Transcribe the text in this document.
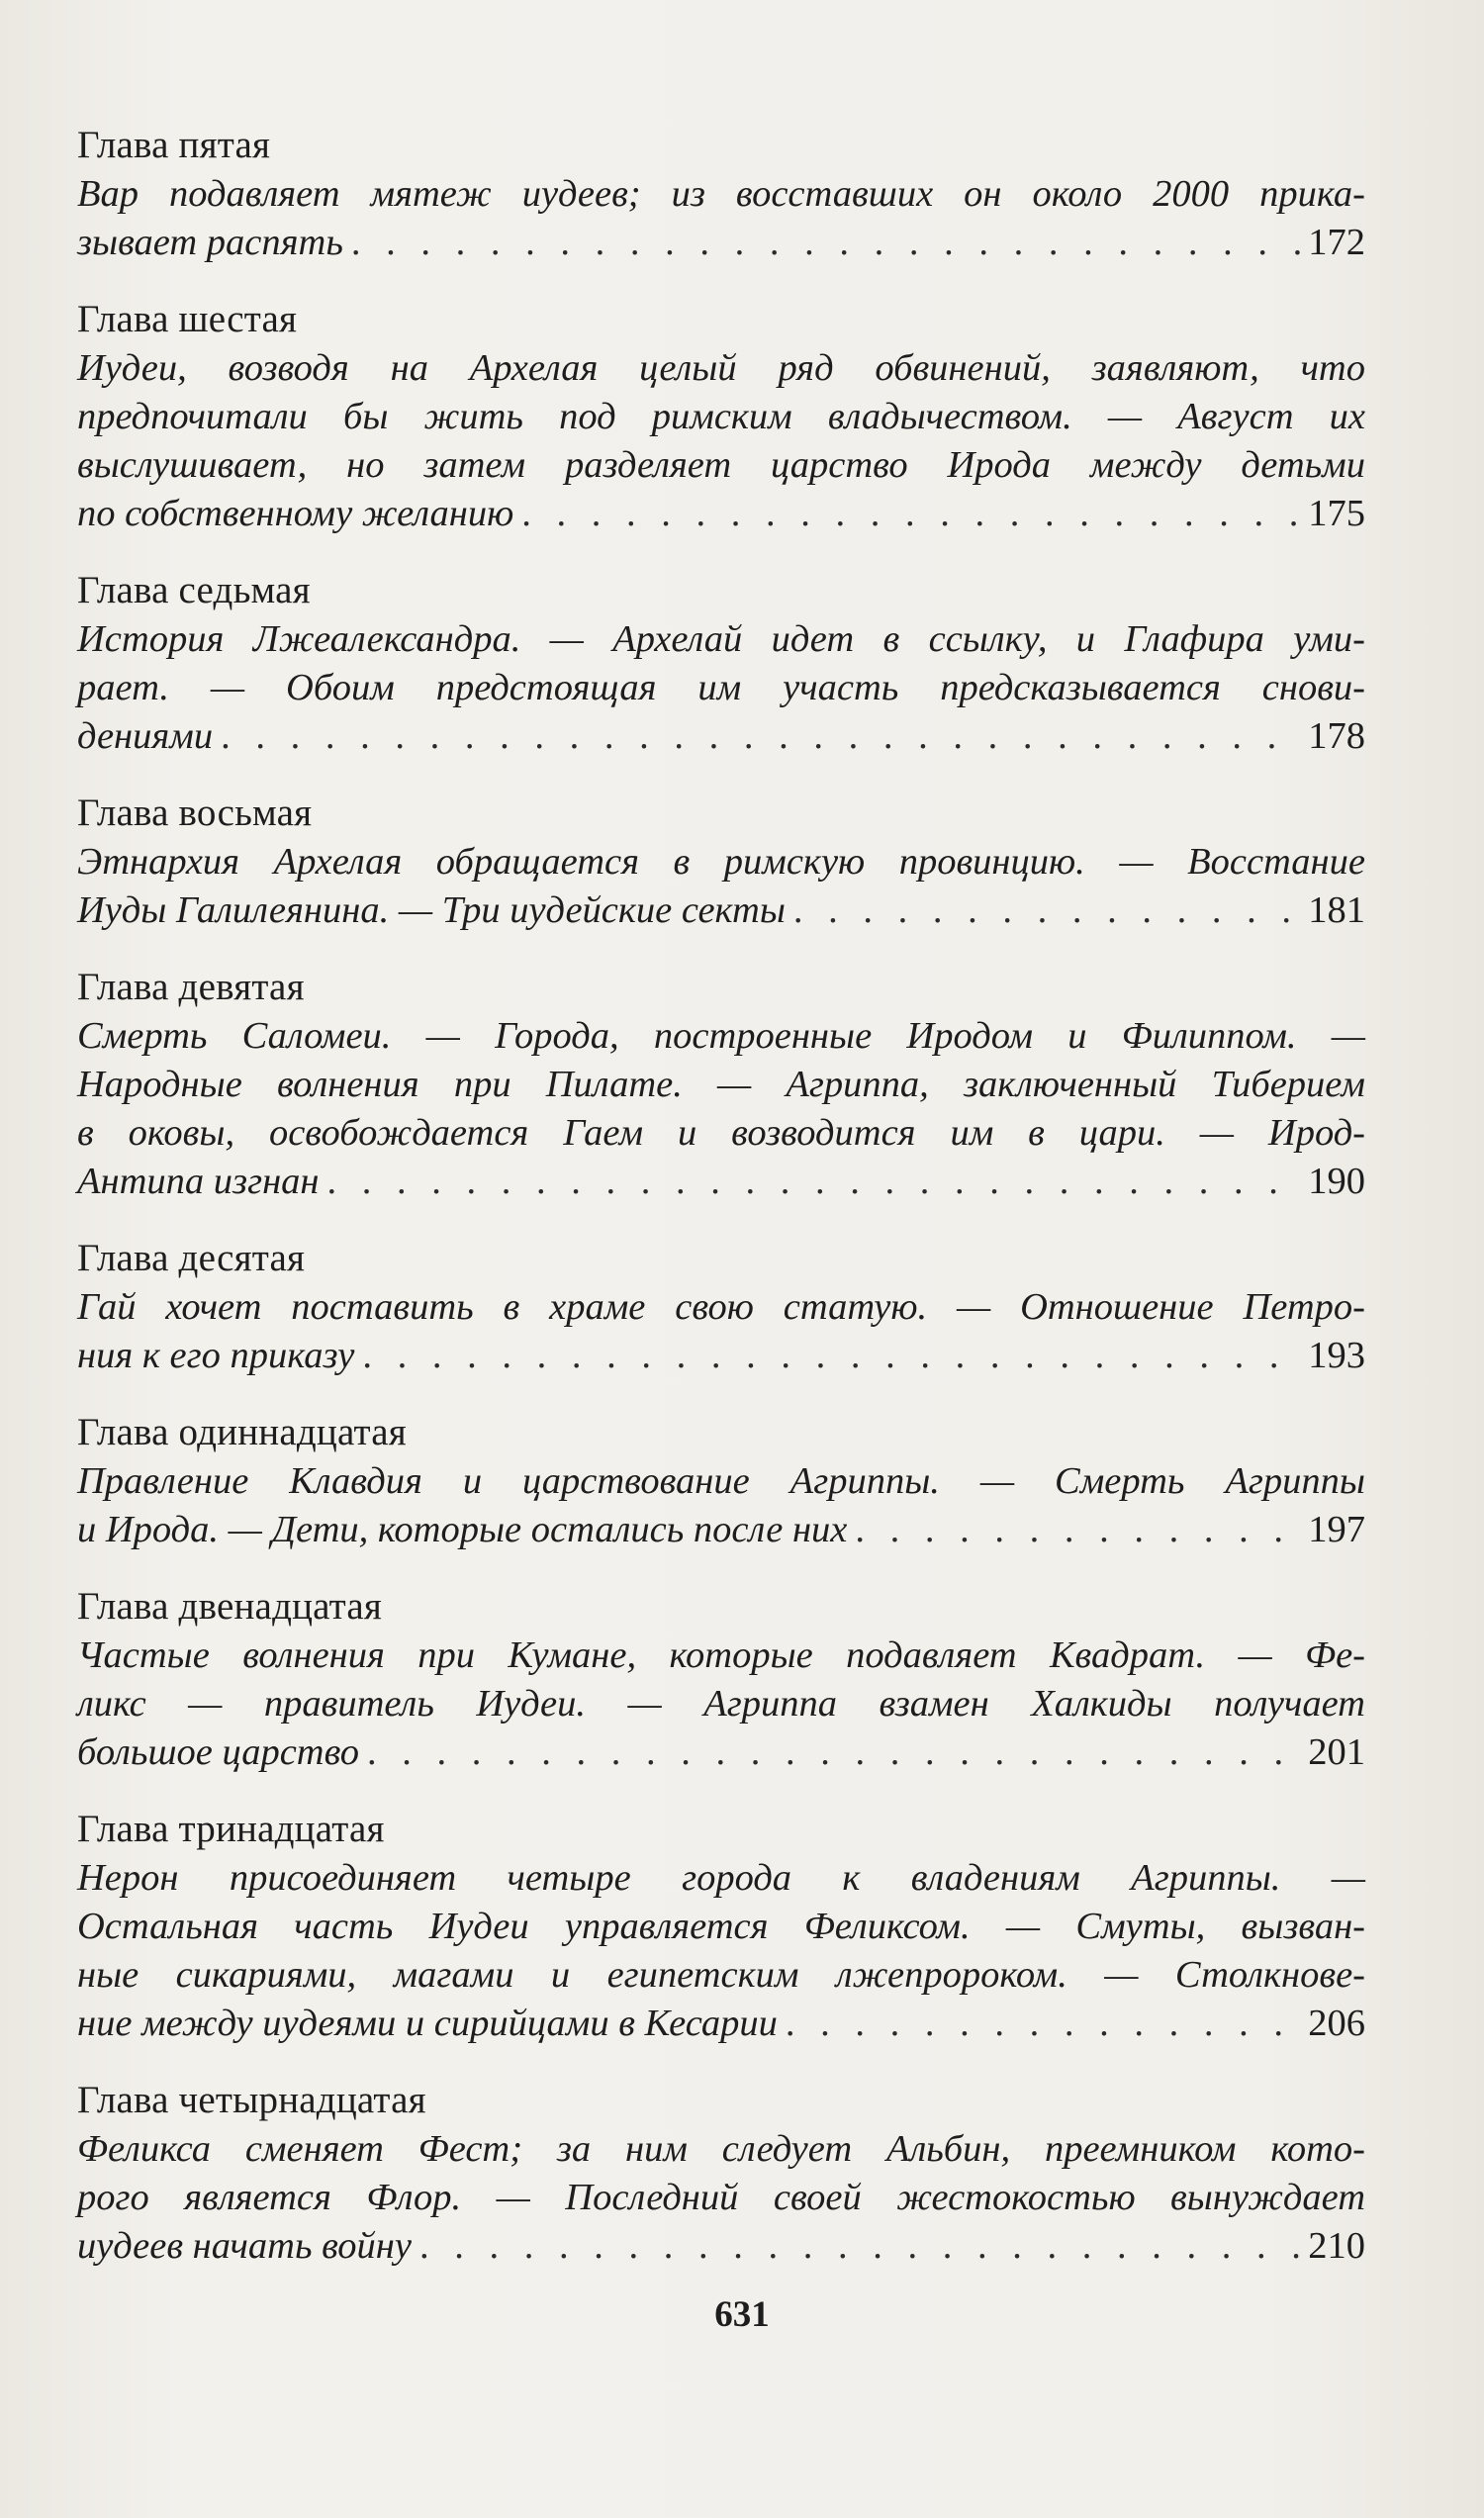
Глава пятая
Вар подавляет мятеж иудеев; из восставших он около 2000 прика-
зывает распять . . .	172
Глава шестая
Иудеи, возводя на Архелая целый ряд обвинений, заявляют, что
предпочитали бы жить под римским владычеством. — Август их
выслушивает, но затем разделяет царство Ирода между детьми
по собственному желанию . . .	175
Глава седьмая
История Лжеалександра. — Архелай идет в ссылку, и Глафира уми-
рает. — Обоим предстоящая им участь предсказывается снови-
дениями . . .	178
Глава восьмая
Этнархия Архелая обращается в римскую провинцию. — Восстание
Иуды Галилеянина. — Три иудейские секты . . .	181
Глава девятая
Смерть Саломеи. — Города, построенные Иродом и Филиппом. —
Народные волнения при Пилате. — Агриппа, заключенный Тиберием
в оковы, освобождается Гаем и возводится им в цари. — Ирод-
Антипа изгнан . . .	190
Глава десятая
Гай хочет поставить в храме свою статую. — Отношение Петро-
ния к его приказу . . .	193
Глава одиннадцатая
Правление Клавдия и царствование Агриппы. — Смерть Агриппы
и Ирода. — Дети, которые остались после них . . .	197
Глава двенадцатая
Частые волнения при Кумане, которые подавляет Квадрат. — Фе-
ликс — правитель Иудеи. — Агриппа взамен Халкиды получает
большое царство . . .	201
Глава тринадцатая
Нерон присоединяет четыре города к владениям Агриппы. —
Остальная часть Иудеи управляется Феликсом. — Смуты, вызван-
ные сикариями, магами и египетским лжепророком. — Столкнове-
ние между иудеями и сирийцами в Кесарии . . .	206
Глава четырнадцатая
Феликса сменяет Фест; за ним следует Альбин, преемником кото-
рого является Флор. — Последний своей жестокостью вынуждает
иудеев начать войну . . .	210
631
